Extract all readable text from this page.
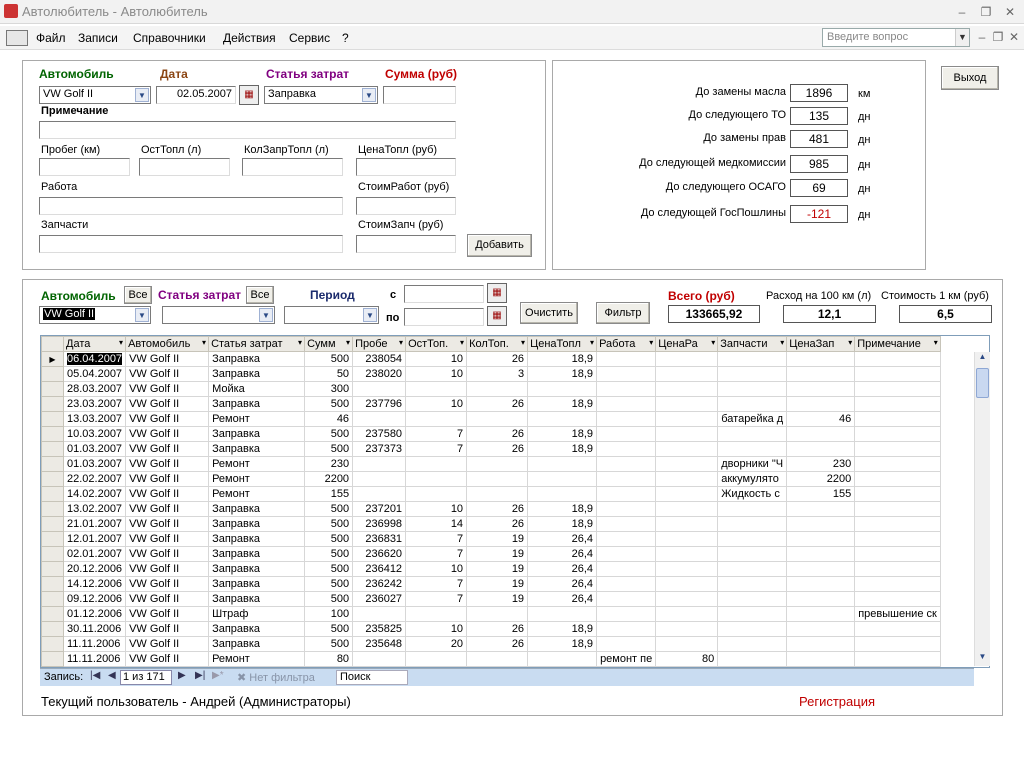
Автолюбитель - Автолюбитель	–	❐	✕
Файл Записи Справочники Действия Сервис ?	– ❐ ✕
Введите вопрос	▼
Автомобиль	Дата	Статья затрат	Сумма (руб)
VW Golf II	▼	02.05.2007	▦	Заправка	▼
Примечание
Пробег (км)	ОстТопл (л)	КолЗапрТопл (л)	ЦенаТопл (руб)
Работа	СтоимРабот (руб)
Запчасти	СтоимЗапч (руб)
Добавить
До замены масла	1896	км
До следующего ТО	135	дн
До замены прав	481	дн
До следующей медкомиссии	985	дн
До следующего ОСАГО	69	дн
До следующей ГосПошлины	-121	дн
Выход
Автомобиль	Все Статья затрат Все	Период	с	▦
VW Golf II	▼	▼	▼ по	▦	Очистить	Фильтр
Всего (руб)
133665,92
Расход на 100 км (л)
12,1
Стоимость 1 км (руб)
6,5
	Дата ▾	Автомобиль ▾	Статья затрат ▾	Сумм ▾	Пробе ▾	ОстТоп. ▾	КолТоп. ▾	ЦенаТопл ▾	Работа ▾	ЦенаРа ▾	Запчасти ▾	ЦенаЗап ▾	Примечание ▾

▶	06.04.2007	VW Golf II	Заправка	500	238054	10	26	18,9					
	05.04.2007	VW Golf II	Заправка	50	238020	10	3	18,9					
	28.03.2007	VW Golf II	Мойка	300									
	23.03.2007	VW Golf II	Заправка	500	237796	10	26	18,9					
	13.03.2007	VW Golf II	Ремонт	46							батарейка д	46	
	10.03.2007	VW Golf II	Заправка	500	237580	7	26	18,9					
	01.03.2007	VW Golf II	Заправка	500	237373	7	26	18,9					
	01.03.2007	VW Golf II	Ремонт	230							дворники "Ч	230	
	22.02.2007	VW Golf II	Ремонт	2200							аккумулято	2200	
	14.02.2007	VW Golf II	Ремонт	155							Жидкость с	155	
	13.02.2007	VW Golf II	Заправка	500	237201	10	26	18,9					
	21.01.2007	VW Golf II	Заправка	500	236998	14	26	18,9					
	12.01.2007	VW Golf II	Заправка	500	236831	7	19	26,4					
	02.01.2007	VW Golf II	Заправка	500	236620	7	19	26,4					
	20.12.2006	VW Golf II	Заправка	500	236412	10	19	26,4					
	14.12.2006	VW Golf II	Заправка	500	236242	7	19	26,4					
	09.12.2006	VW Golf II	Заправка	500	236027	7	19	26,4					
	01.12.2006	VW Golf II	Штраф	100									превышение ск
	30.11.2006	VW Golf II	Заправка	500	235825	10	26	18,9					
	11.11.2006	VW Golf II	Заправка	500	235648	20	26	18,9					
	11.11.2006	VW Golf II	Ремонт	80					ремонт пе	80			
▲
▼
Запись: |◀ ◀ 1 из 171	▶ ▶| ▶* ✖ Нет фильтра	Поиск
Текущий пользователь - Андрей (Администраторы)	Регистрация
